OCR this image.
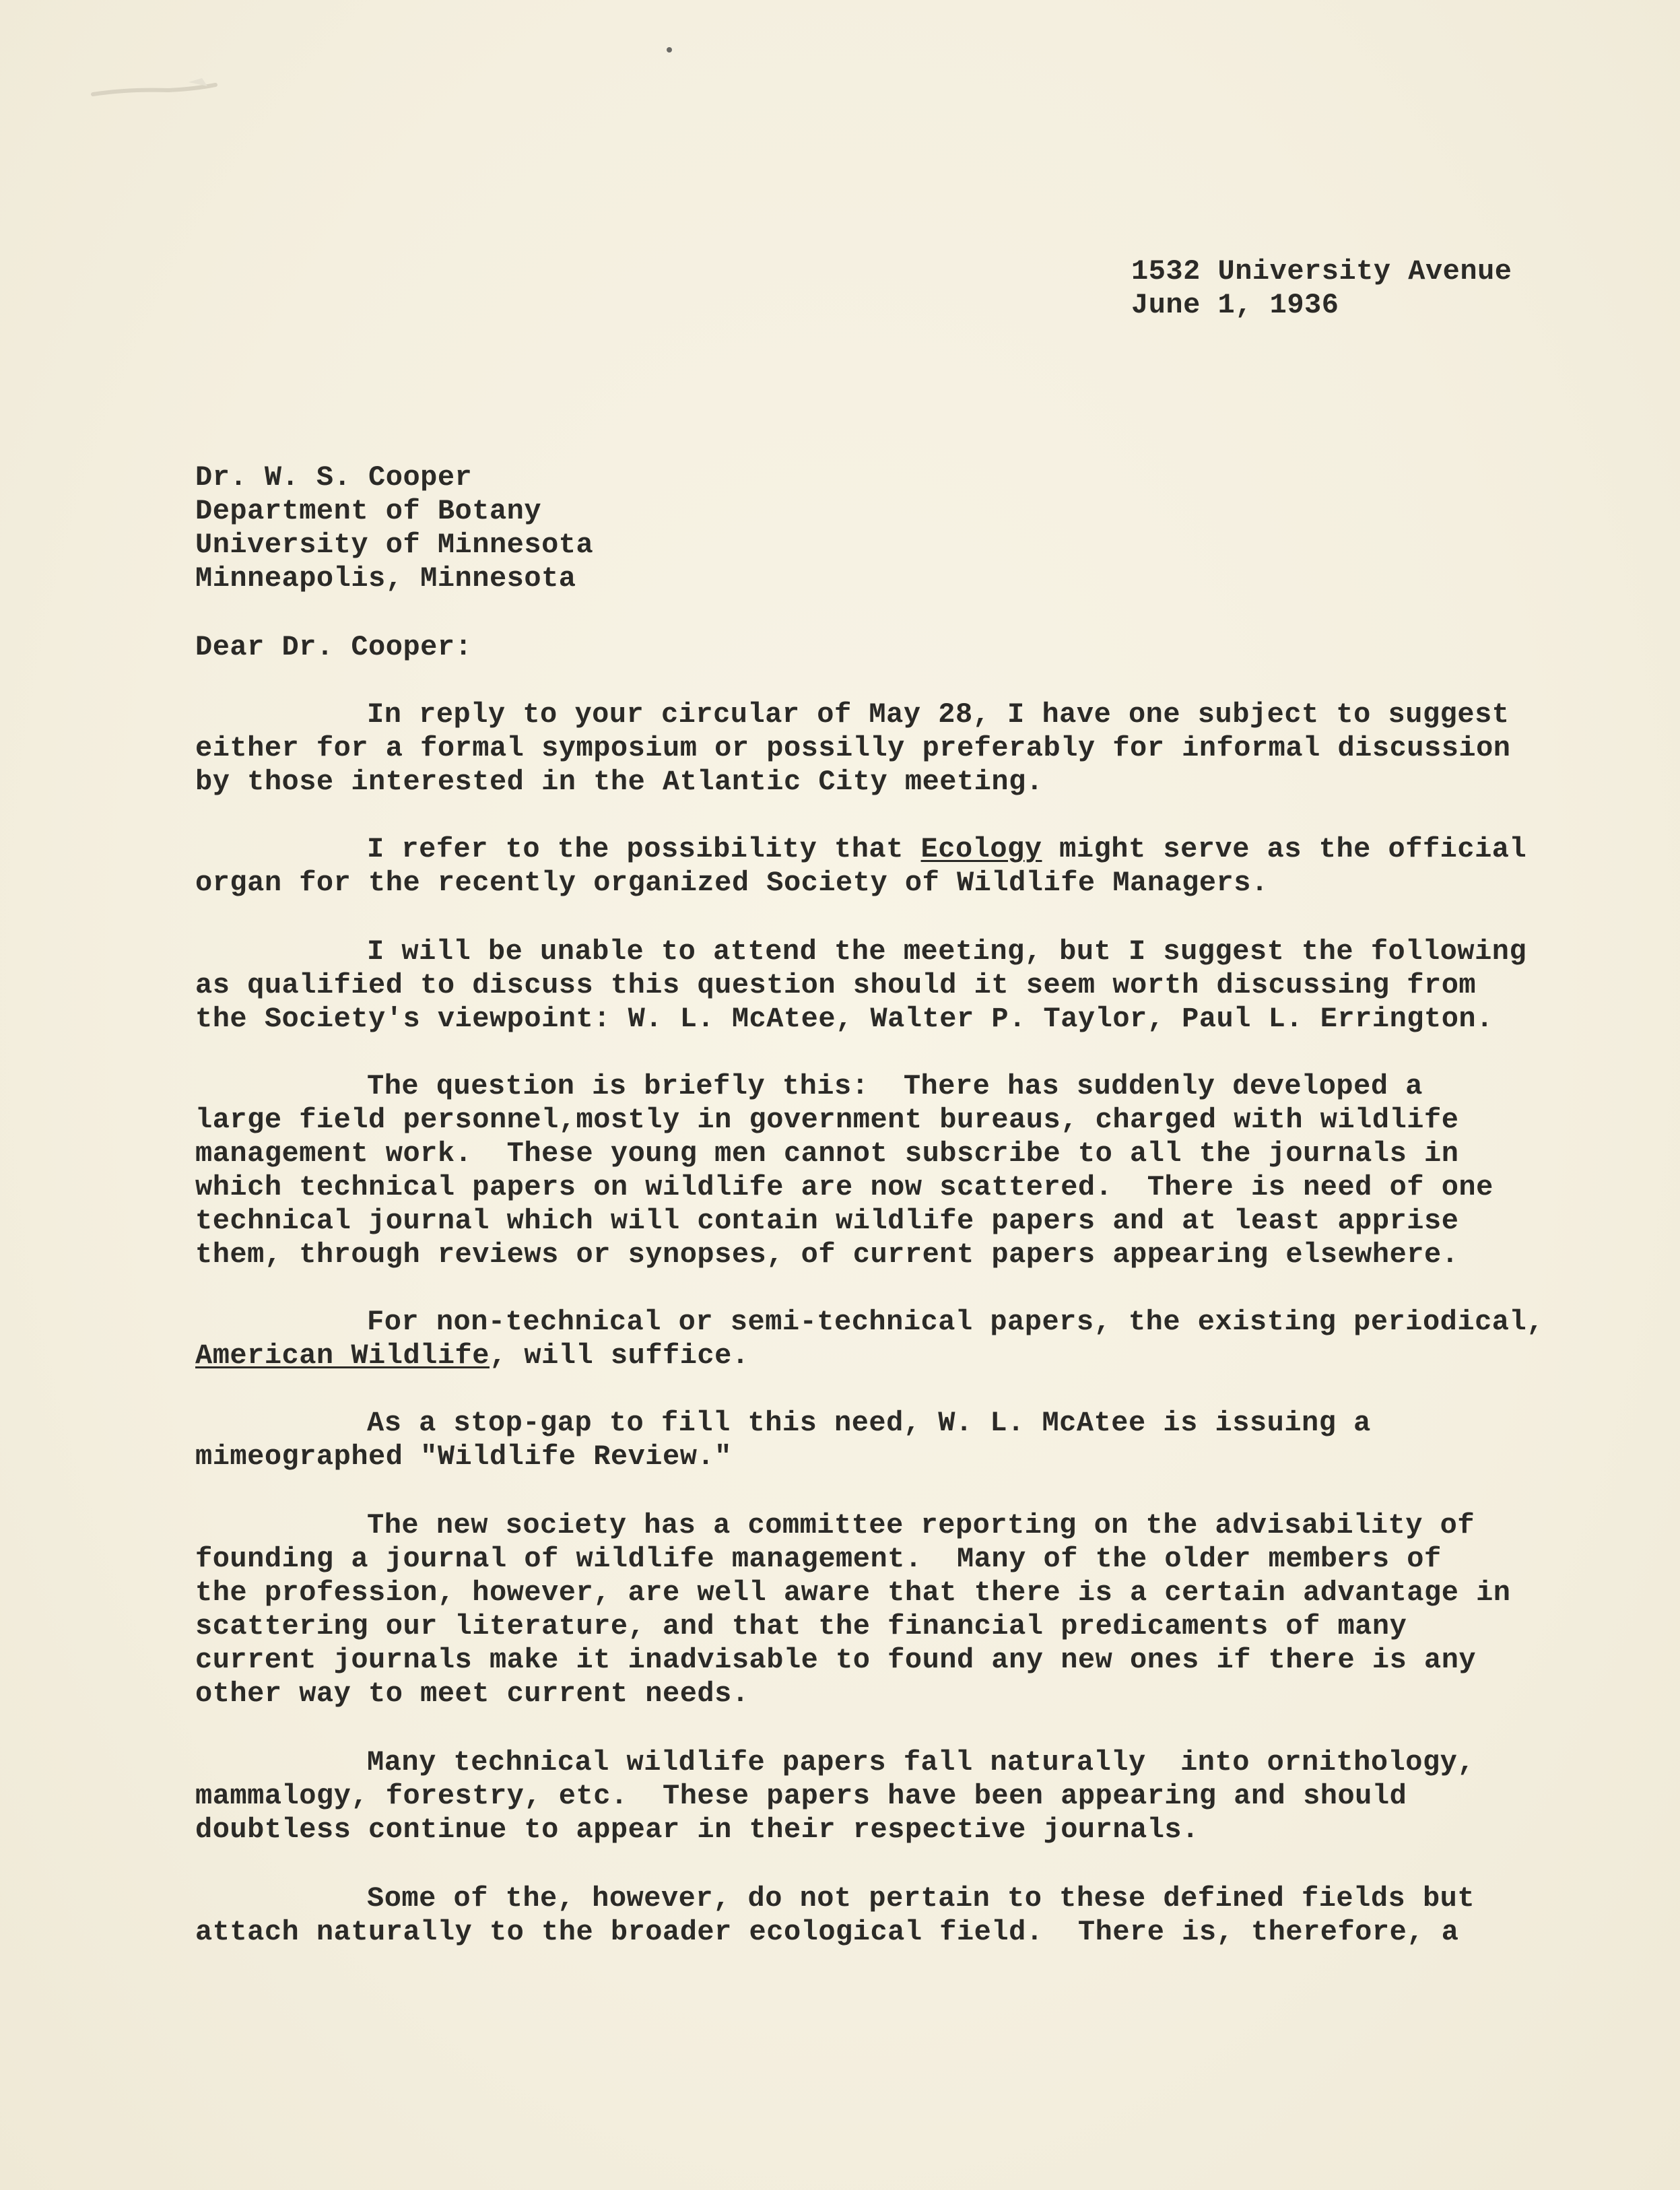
1532 University Avenue
June 1, 1936
Dr. W. S. Cooper
Department of Botany
University of Minnesota
Minneapolis, Minnesota
Dear Dr. Cooper:
In reply to your circular of May 28, I have one subject to suggest
either for a formal symposium or possilly preferably for informal discussion
by those interested in the Atlantic City meeting.
I refer to the possibility that Ecology might serve as the official
organ for the recently organized Society of Wildlife Managers.
I will be unable to attend the meeting, but I suggest the following
as qualified to discuss this question should it seem worth discussing from
the Society's viewpoint: W. L. McAtee, Walter P. Taylor, Paul L. Errington.
The question is briefly this:  There has suddenly developed a
large field personnel,mostly in government bureaus, charged with wildlife
management work.  These young men cannot subscribe to all the journals in
which technical papers on wildlife are now scattered.  There is need of one
technical journal which will contain wildlife papers and at least apprise
them, through reviews or synopses, of current papers appearing elsewhere.
For non-technical or semi-technical papers, the existing periodical,
American Wildlife, will suffice.
As a stop-gap to fill this need, W. L. McAtee is issuing a
mimeographed "Wildlife Review."
The new society has a committee reporting on the advisability of
founding a journal of wildlife management.  Many of the older members of
the profession, however, are well aware that there is a certain advantage in
scattering our literature, and that the financial predicaments of many
current journals make it inadvisable to found any new ones if there is any
other way to meet current needs.
Many technical wildlife papers fall naturally  into ornithology,
mammalogy, forestry, etc.  These papers have been appearing and should
doubtless continue to appear in their respective journals.
Some of the, however, do not pertain to these defined fields but
attach naturally to the broader ecological field.  There is, therefore, a
